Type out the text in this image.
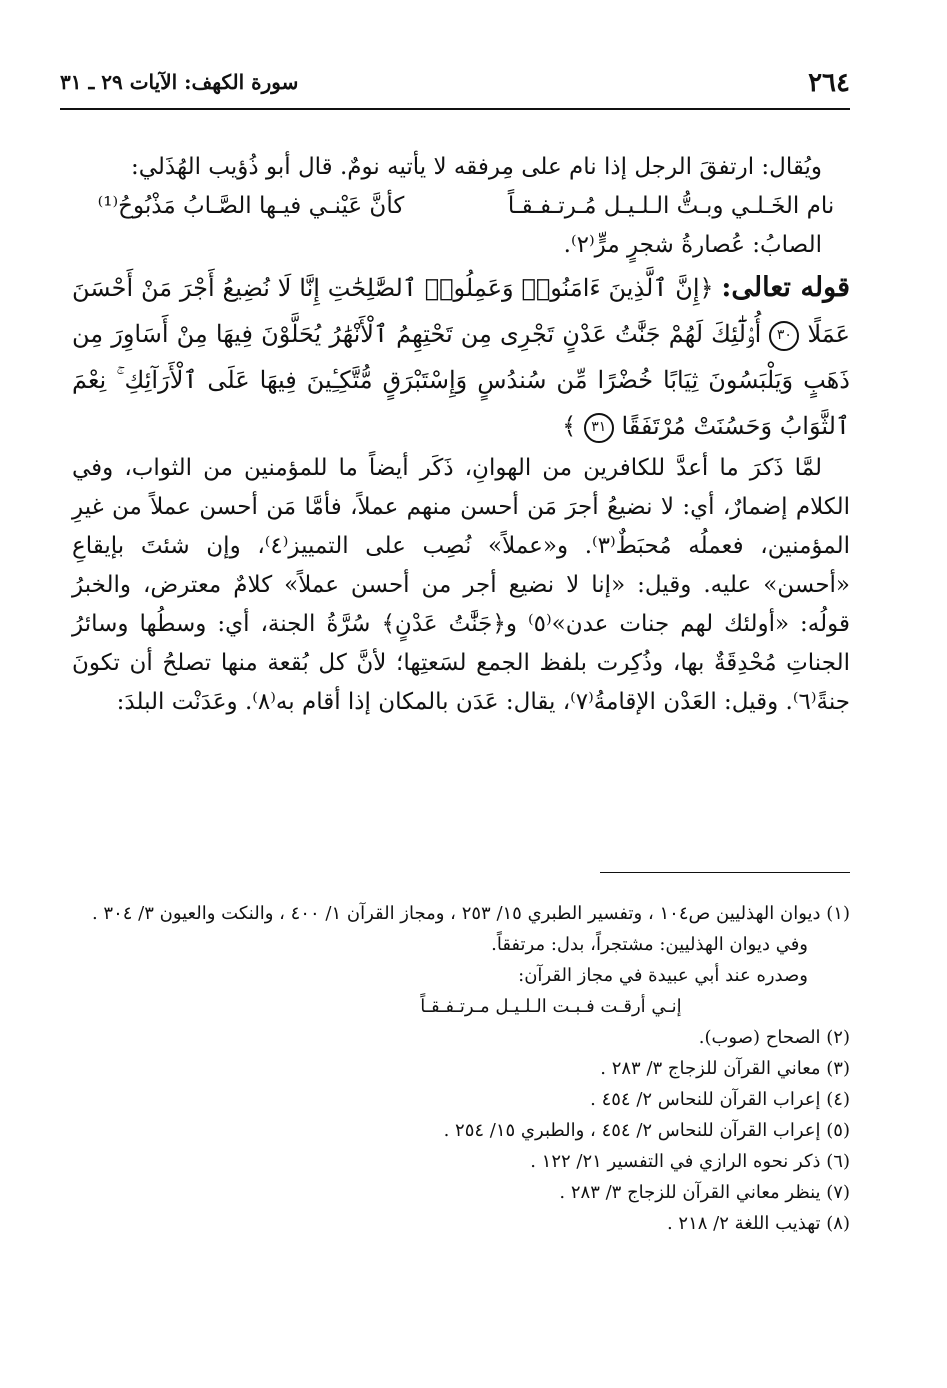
٢٦٤
سورة الكهف: الآيات ٢٩ ـ ٣١

ويُقال: ارتفقَ الرجل إذا نام على مِرفقه لا يأتيه نومٌ. قال أبو ذُؤيب الهُذَلي:

نام الخَـلـي وبـتُّ الـلـيـل مُـرتـفـقـاً
كأنَّ عَيْنـي فيـها الصَّـابُ مَذْبُوحُ⁽¹⁾

الصابُ: عُصارةُ شجرٍ مرٍّ⁽٢⁾.

قوله تعالى: ﴿إِنَّ ٱلَّذِينَ ءَامَنُوا۟ وَعَمِلُوا۟ ٱلصَّٰلِحَٰتِ إِنَّا لَا نُضِيعُ أَجْرَ مَنْ أَحْسَنَ عَمَلًا ٣٠ أُو۟لَٰٓئِكَ لَهُمْ جَنَّٰتُ عَدْنٍ تَجْرِى مِن تَحْتِهِمُ ٱلْأَنْهَٰرُ يُحَلَّوْنَ فِيهَا مِنْ أَسَاوِرَ مِن ذَهَبٍ وَيَلْبَسُونَ ثِيَابًا خُضْرًا مِّن سُندُسٍ وَإِسْتَبْرَقٍ مُّتَّكِـِٔينَ فِيهَا عَلَى ٱلْأَرَآئِكِ ۚ نِعْمَ ٱلثَّوَابُ وَحَسُنَتْ مُرْتَفَقًا ٣١ ﴾

لمَّا ذَكرَ ما أعدَّ للكافرين من الهوانِ، ذَكَر أيضاً ما للمؤمنين من الثواب، وفي الكلام إضمارٌ، أي: لا نضيعُ أجرَ مَن أحسن منهم عملاً، فأمَّا مَن أحسن عملاً من غيرِ المؤمنين، فعملُه مُحبَطٌ⁽٣⁾. و«عملاً» نُصِب على التمييز⁽٤⁾، وإن شئتَ بإيقاعِ «أحسن» عليه. وقيل: «إنا لا نضيع أجر من أحسن عملاً» كلامٌ معترض، والخبرُ قولُه: «أولئك لهم جنات عدن»⁽٥⁾ و﴿جَنَّٰتُ عَدْنٍ﴾ سُرَّةُ الجنة، أي: وسطُها وسائرُ الجناتِ مُحْدِقَةٌ بها، وذُكِرت بلفظ الجمع لسَعتِها؛ لأنَّ كل بُقعة منها تصلحُ أن تكونَ جنةً⁽٦⁾. وقيل: العَدْن الإقامةُ⁽٧⁾، يقال: عَدَن بالمكان إذا أقام به⁽٨⁾. وعَدَنْت البلدَ:

(١) ديوان الهذليين ص١٠٤ ، وتفسير الطبري ١٥/ ٢٥٣ ، ومجاز القرآن ١/ ٤٠٠ ، والنكت والعيون ٣/ ٣٠٤ .

وفي ديوان الهذليين: مشتجراً، بدل: مرتفقاً.

وصدره عند أبي عبيدة في مجاز القرآن:

إنـي أرقـت فـبـت الـلـيـل مـرتـفـقـاً

(٢) الصحاح (صوب).

(٣) معاني القرآن للزجاج ٣/ ٢٨٣ .

(٤) إعراب القرآن للنحاس ٢/ ٤٥٤ .

(٥) إعراب القرآن للنحاس ٢/ ٤٥٤ ، والطبري ١٥/ ٢٥٤ .

(٦) ذكر نحوه الرازي في التفسير ٢١/ ١٢٢ .

(٧) ينظر معاني القرآن للزجاج ٣/ ٢٨٣ .

(٨) تهذيب اللغة ٢/ ٢١٨ .
